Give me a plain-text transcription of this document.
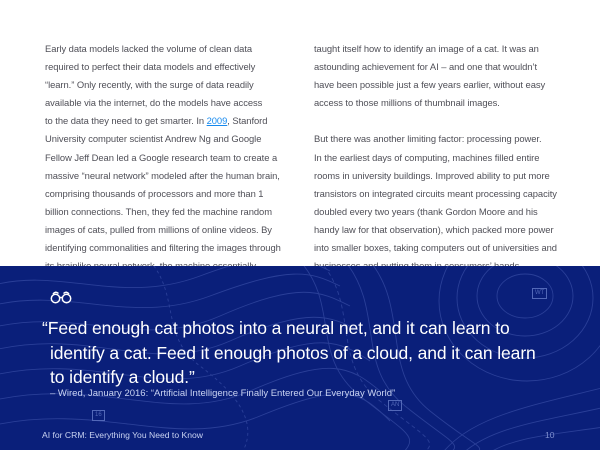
Early data models lacked the volume of clean data

required to perfect their data models and effectively

“learn.” Only recently, with the surge of data readily

available via the internet, do the models have access

to the data they need to get smarter. In 2009, Stanford

University computer scientist Andrew Ng and Google

Fellow Jeff Dean led a Google research team to create a

massive “neural network” modeled after the human brain,

comprising thousands of processors and more than 1

billion connections. Then, they fed the machine random

images of cats, pulled from millions of online videos. By

identifying commonalities and filtering the images through

taught itself how to identify an image of a cat. It was an

astounding achievement for AI – and one that wouldn’t

have been possible just a few years earlier, without easy

access to those millions of thumbnail images.

But there was another limiting factor: processing power.

In the earliest days of computing, machines filled entire

rooms in university buildings. Improved ability to put more

transistors on integrated circuits meant processing capacity

doubled every two years (thank Gordon Moore and his

handy law for that observation), which packed more power

into smaller boxes, taking computers out of universities and

WT
16
AN
“Feed enough cat photos into a neural net, and it can learn to
identify a cat. Feed it enough photos of a cloud, and it can learn
to identify a cloud.”
– Wired, January 2016: “Artificial Intelligence Finally Entered Our Everyday World”
AI for CRM: Everything You Need to Know	10
